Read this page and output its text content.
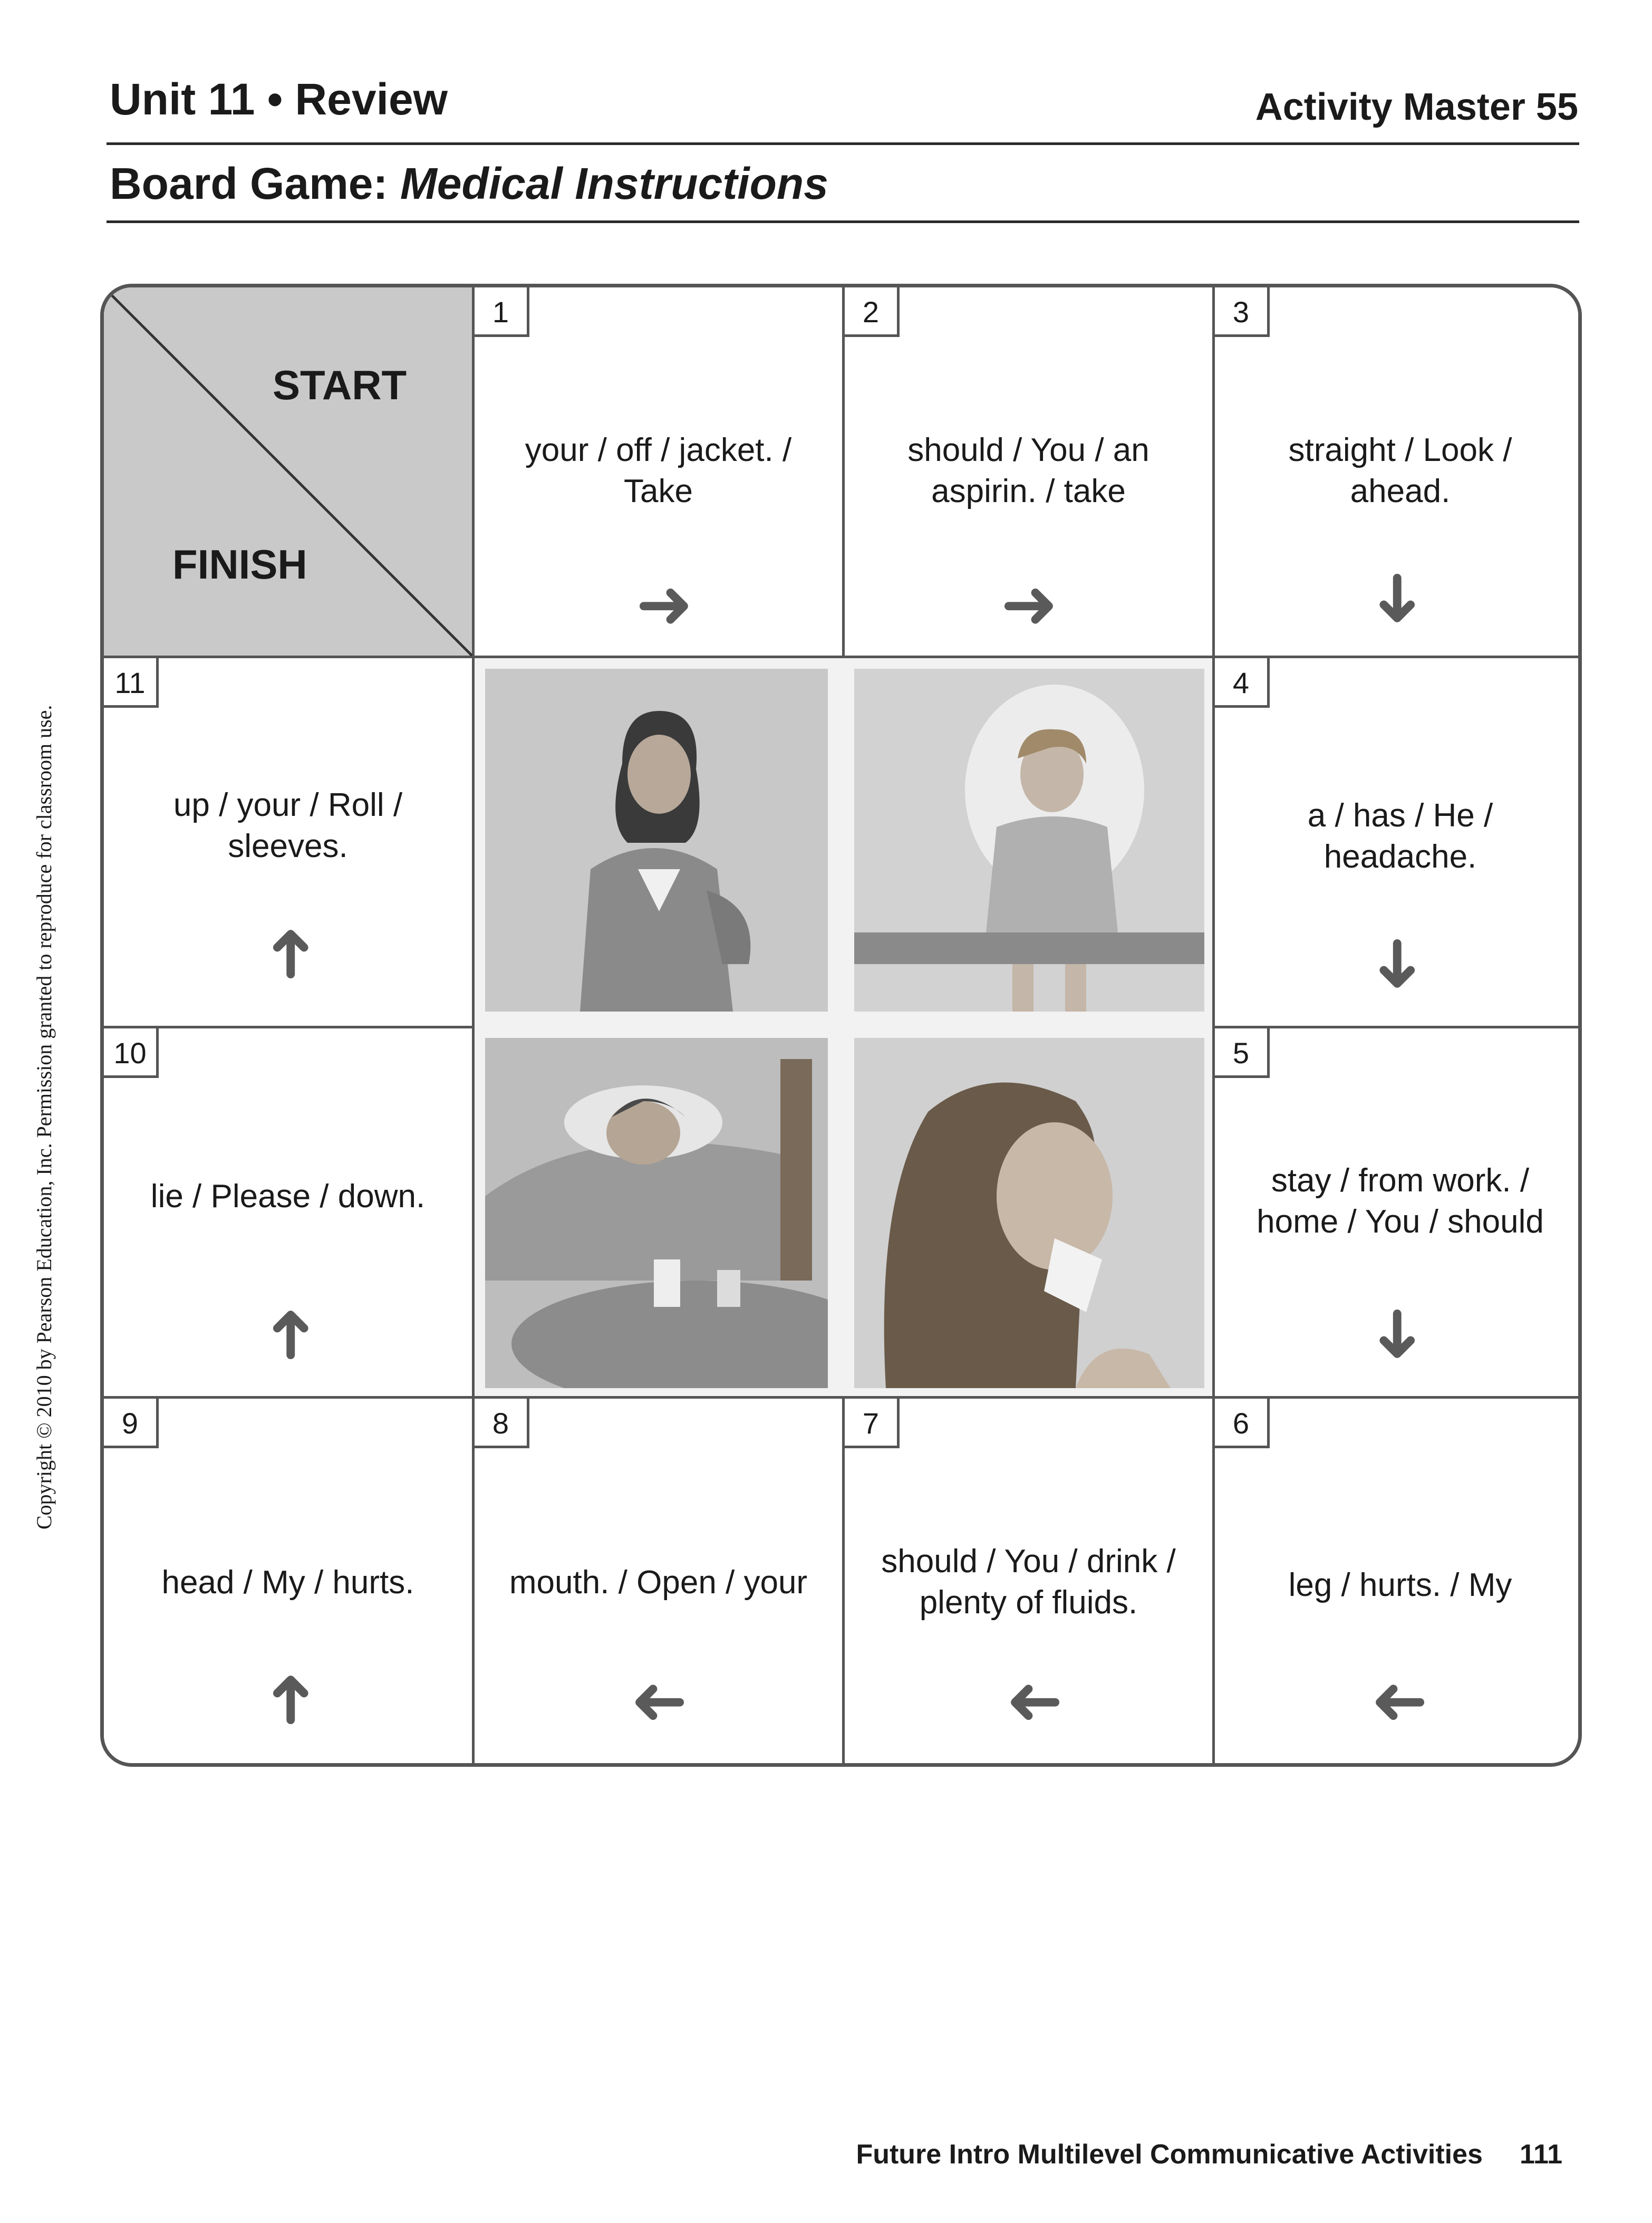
Unit 11 • Review	Activity Master 55
Board Game: Medical Instructions
START
FINISH
1
your / off / jacket. /
Take
➜
2
should / You / an
aspirin. / take
➜
3
straight / Look /
ahead.
➜
11
up / your / Roll /
sleeves.
➜
4
a / has / He /
headache.
➜
10
lie / Please / down.
➜
5
stay / from work. /
home / You / should
➜
9
head / My / hurts.
➜
8
mouth. / Open / your
➜
7
should / You / drink /
plenty of fluids.
➜
6
leg / hurts. / My
➜
Copyright © 2010 by Pearson Education, Inc. Permission granted to reproduce for classroom use.
Future Intro Multilevel Communicative Activities 111
